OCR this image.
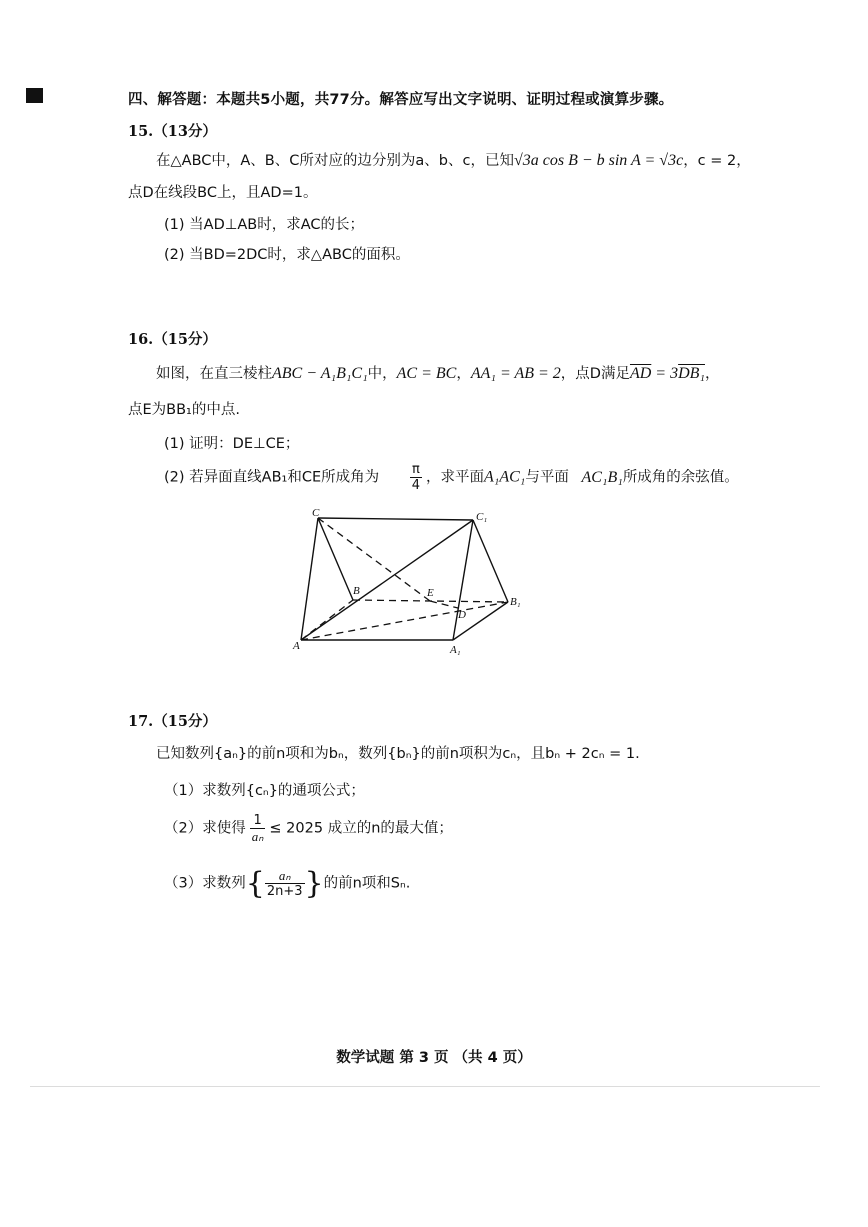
四、解答题：本题共5小题，共77分。解答应写出文字说明、证明过程或演算步骤。
15.（13分）
在△ABC中，A、B、C所对应的边分别为a、b、c，已知√3a cos B − b sin A = √3c，c = 2，
点D在线段BC上，且AD=1。
(1) 当AD⊥AB时，求AC的长；
(2) 当BD=2DC时，求△ABC的面积。
16.（15分）
如图，在直三棱柱ABC − A₁B₁C₁中，AC = BC，AA₁ = AB = 2，点D满足$\overline{AD} = 3DB_1$，
点E为BB₁的中点.
(1) 证明：DE⊥CE；
(2) 若异面直线AB₁和CE所成角为 $\frac{\pi}{4}$ ，求平面A₁AC₁与平面 AC₁B₁所成角的余弦值。
C	C₁
B	E
B₁
D
A	A₁
17.（15分）
已知数列{aₙ}的前n项和为bₙ，数列{bₙ}的前n项积为cₙ，且bₙ + 2cₙ = 1.
（1）求数列{cₙ}的通项公式；
（2）求使得 $\frac{1}{\text{aₙ}} \le 2025$ 成立的n的最大值；
（3）求数列{ $\frac{\text{aₙ}}{2n+3}$ }的前n项和Sₙ.
数学试题 第 3 页 （共 4 页）
